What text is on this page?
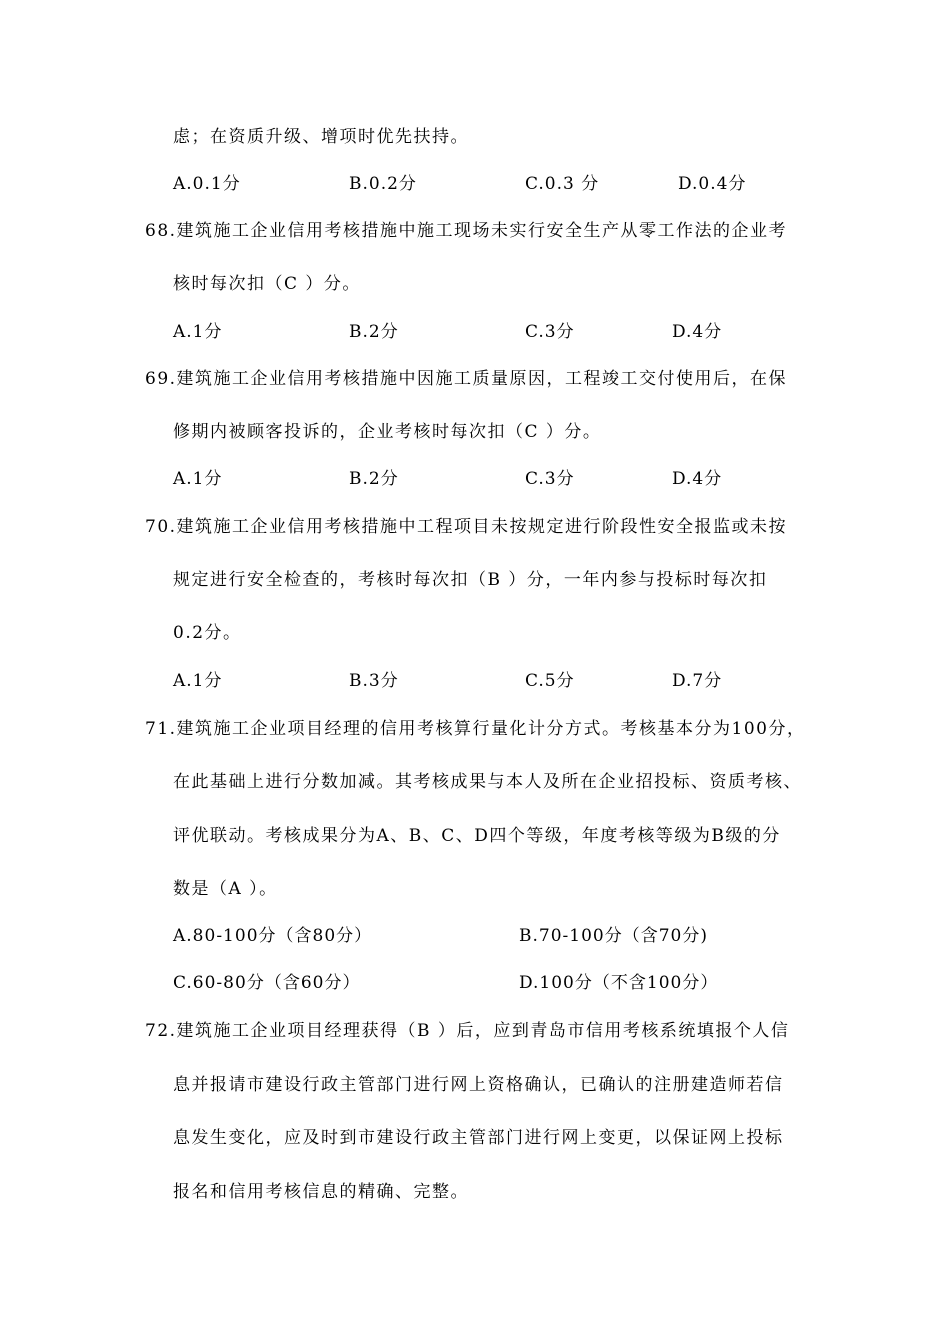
虑；在资质升级、增项时优先扶持。
A.0.1分	B.0.2分	C.0.3 分	D.0.4分
68.建筑施工企业信用考核措施中施工现场未实行安全生产从零工作法的企业考
核时每次扣（C ）分。
A.1分	B.2分	C.3分	D.4分
69.建筑施工企业信用考核措施中因施工质量原因，工程竣工交付使用后，在保
修期内被顾客投诉的，企业考核时每次扣（C ）分。
A.1分	B.2分	C.3分	D.4分
70.建筑施工企业信用考核措施中工程项目未按规定进行阶段性安全报监或未按
规定进行安全检查的，考核时每次扣（B ）分，一年内参与投标时每次扣
0.2分。
A.1分	B.3分	C.5分	D.7分
71.建筑施工企业项目经理的信用考核算行量化计分方式。考核基本分为100分，
在此基础上进行分数加减。其考核成果与本人及所在企业招投标、资质考核、
评优联动。考核成果分为A、B、C、D四个等级，年度考核等级为B级的分
数是（A ）。
A.80-100分（含80分）	B.70-100分（含70分)
C.60-80分（含60分）	D.100分（不含100分）
72.建筑施工企业项目经理获得（B ）后，应到青岛市信用考核系统填报个人信
息并报请市建设行政主管部门进行网上资格确认，已确认的注册建造师若信
息发生变化，应及时到市建设行政主管部门进行网上变更，以保证网上投标
报名和信用考核信息的精确、完整。
